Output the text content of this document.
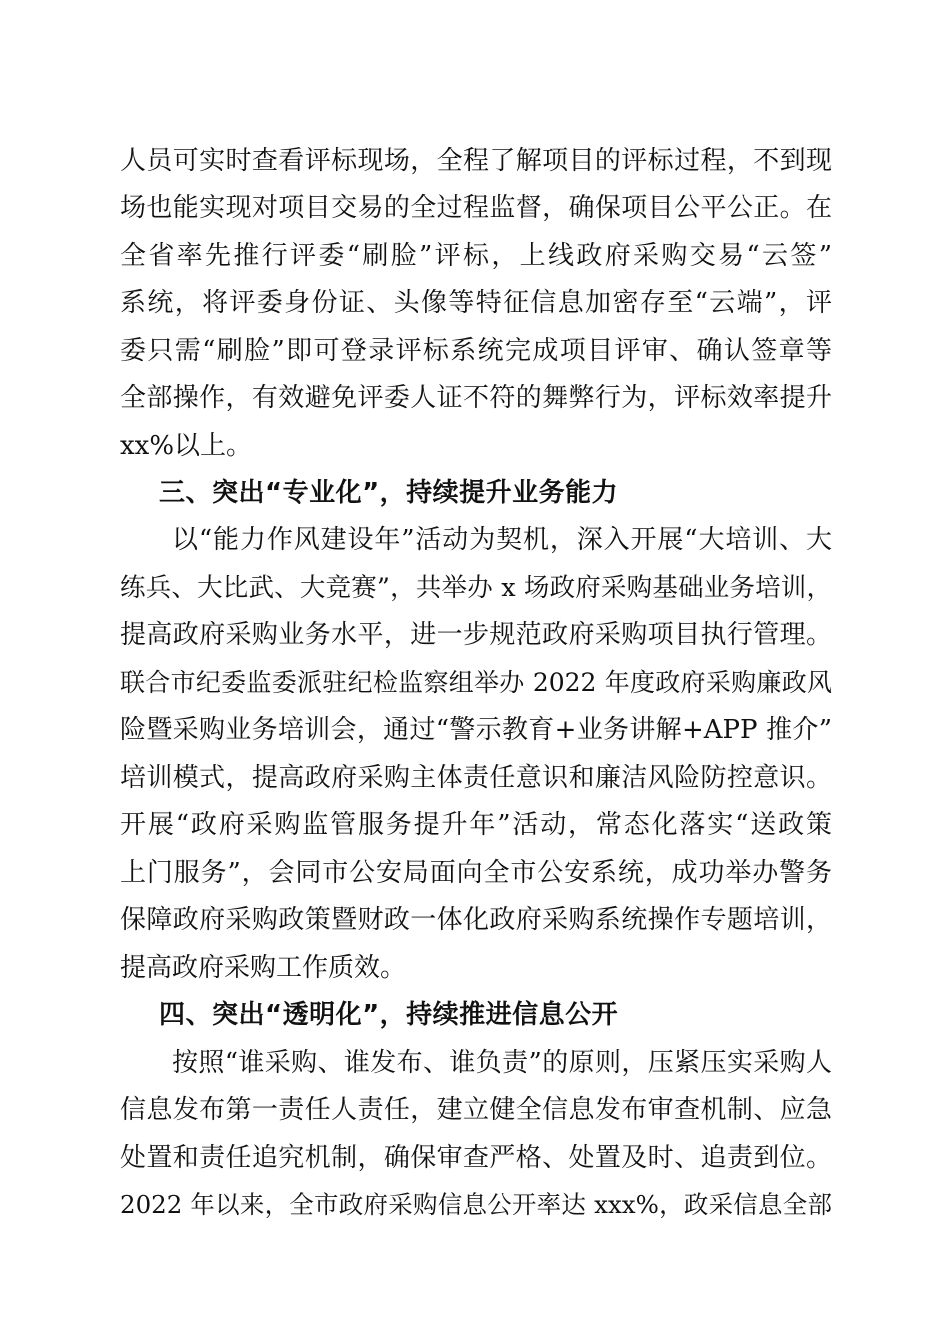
人员可实时查看评标现场，全程了解项目的评标过程，不到现
场也能实现对项目交易的全过程监督，确保项目公平公正。在
全省率先推行评委“刷脸”评标，上线政府采购交易“云签”
系统，将评委身份证、头像等特征信息加密存至“云端”，评
委只需“刷脸”即可登录评标系统完成项目评审、确认签章等
全部操作，有效避免评委人证不符的舞弊行为，评标效率提升
xx%以上。
三、突出“专业化”，持续提升业务能力
以“能力作风建设年”活动为契机，深入开展“大培训、大
练兵、大比武、大竞赛”，共举办 x 场政府采购基础业务培训，
提高政府采购业务水平，进一步规范政府采购项目执行管理。
联合市纪委监委派驻纪检监察组举办 2022 年度政府采购廉政风
险暨采购业务培训会，通过“警示教育+业务讲解+APP 推介”
培训模式，提高政府采购主体责任意识和廉洁风险防控意识。
开展“政府采购监管服务提升年”活动，常态化落实“送政策
上门服务”，会同市公安局面向全市公安系统，成功举办警务
保障政府采购政策暨财政一体化政府采购系统操作专题培训，
提高政府采购工作质效。
四、突出“透明化”，持续推进信息公开
按照“谁采购、谁发布、谁负责”的原则，压紧压实采购人
信息发布第一责任人责任，建立健全信息发布审查机制、应急
处置和责任追究机制，确保审查严格、处置及时、追责到位。
2022 年以来，全市政府采购信息公开率达 xxx%，政采信息全部
